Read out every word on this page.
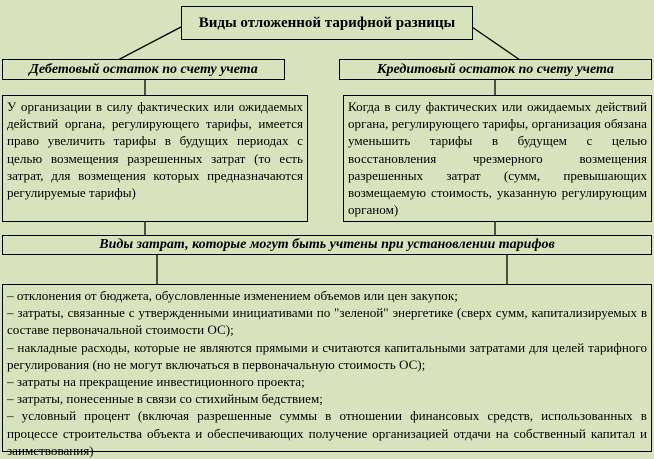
Виды отложенной тарифной разницы
Дебетовый остаток по счету учета	Кредитовый остаток по счету учета

У организации в силу фактических или ожидаемых действий органа, регулирующего тарифы, имеется право увеличить тарифы в будущих периодах с целью возмещения разрешенных затрат (то есть затрат, для возмещения которых предназначаются регулируемые тарифы)

Когда в силу фактических или ожидаемых действий органа, регулирующего тарифы, организация обязана уменьшить тарифы в будущем с целью восстановления чрезмерного возмещения разрешенных затрат (сумм, превышающих возмещаемую стоимость, указанную регулирующим органом)

Виды затрат, которые могут быть учтены при установлении тарифов

– отклонения от бюджета, обусловленные изменением объемов или цен закупок;

– затраты, связанные с утвержденными инициативами по "зеленой" энергетике (сверх сумм, капитализируемых в составе первоначальной стоимости ОС);

– накладные расходы, которые не являются прямыми и считаются капитальными затратами для целей тарифного регулирования (но не могут включаться в первоначальную стоимость ОС);

– затраты на прекращение инвестиционного проекта;

– затраты, понесенные в связи со стихийным бедствием;

– условный процент (включая разрешенные суммы в отношении финансовых средств, использованных в процессе строительства объекта и обеспечивающих получение организацией отдачи на собственный капитал и заимствования)
